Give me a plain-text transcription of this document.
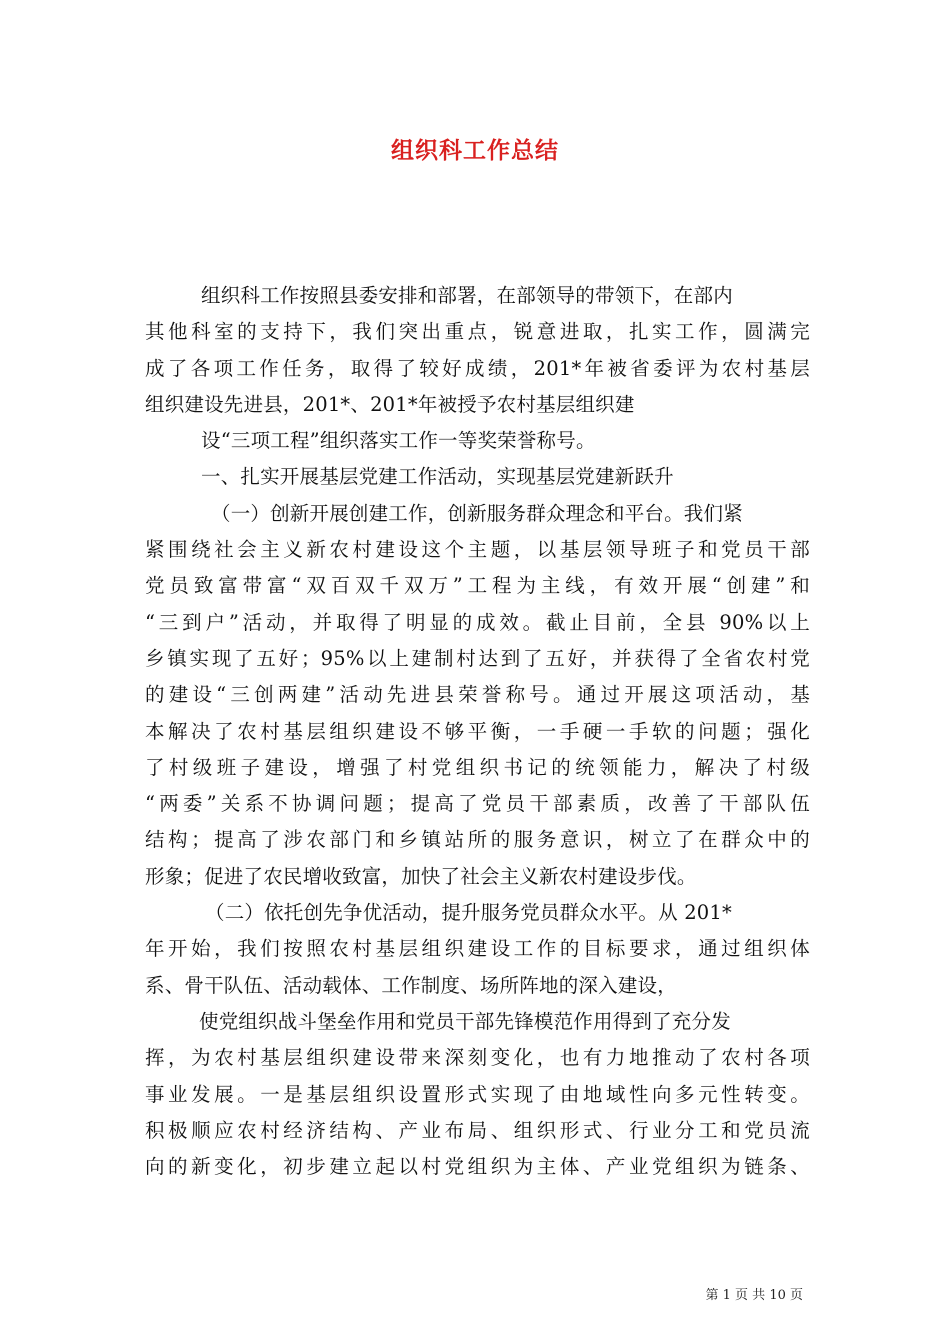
组织科工作总结
组织科工作按照县委安排和部署，在部领导的带领下，在部内
其他科室的支持下，我们突出重点，锐意进取，扎实工作，圆满完
成了各项工作任务，取得了较好成绩，201*年被省委评为农村基层
组织建设先进县，201*、201*年被授予农村基层组织建
设“三项工程”组织落实工作一等奖荣誉称号。
一、扎实开展基层党建工作活动，实现基层党建新跃升
（一）创新开展创建工作，创新服务群众理念和平台。我们紧
紧围绕社会主义新农村建设这个主题，以基层领导班子和党员干部
党员致富带富“双百双千双万”工程为主线，有效开展“创建”和
“三到户”活动，并取得了明显的成效。截止目前，全县 90%以上
乡镇实现了五好；95%以上建制村达到了五好，并获得了全省农村党
的建设“三创两建”活动先进县荣誉称号。通过开展这项活动，基
本解决了农村基层组织建设不够平衡，一手硬一手软的问题；强化
了村级班子建设，增强了村党组织书记的统领能力，解决了村级
“两委”关系不协调问题；提高了党员干部素质，改善了干部队伍
结构；提高了涉农部门和乡镇站所的服务意识，树立了在群众中的
形象；促进了农民增收致富，加快了社会主义新农村建设步伐。
（二）依托创先争优活动，提升服务党员群众水平。从 201*
年开始，我们按照农村基层组织建设工作的目标要求，通过组织体
系、骨干队伍、活动载体、工作制度、场所阵地的深入建设，
使党组织战斗堡垒作用和党员干部先锋模范作用得到了充分发
挥，为农村基层组织建设带来深刻变化，也有力地推动了农村各项
事业发展。一是基层组织设置形式实现了由地域性向多元性转变。
积极顺应农村经济结构、产业布局、组织形式、行业分工和党员流
向的新变化，初步建立起以村党组织为主体、产业党组织为链条、
第 1 页 共 10 页
